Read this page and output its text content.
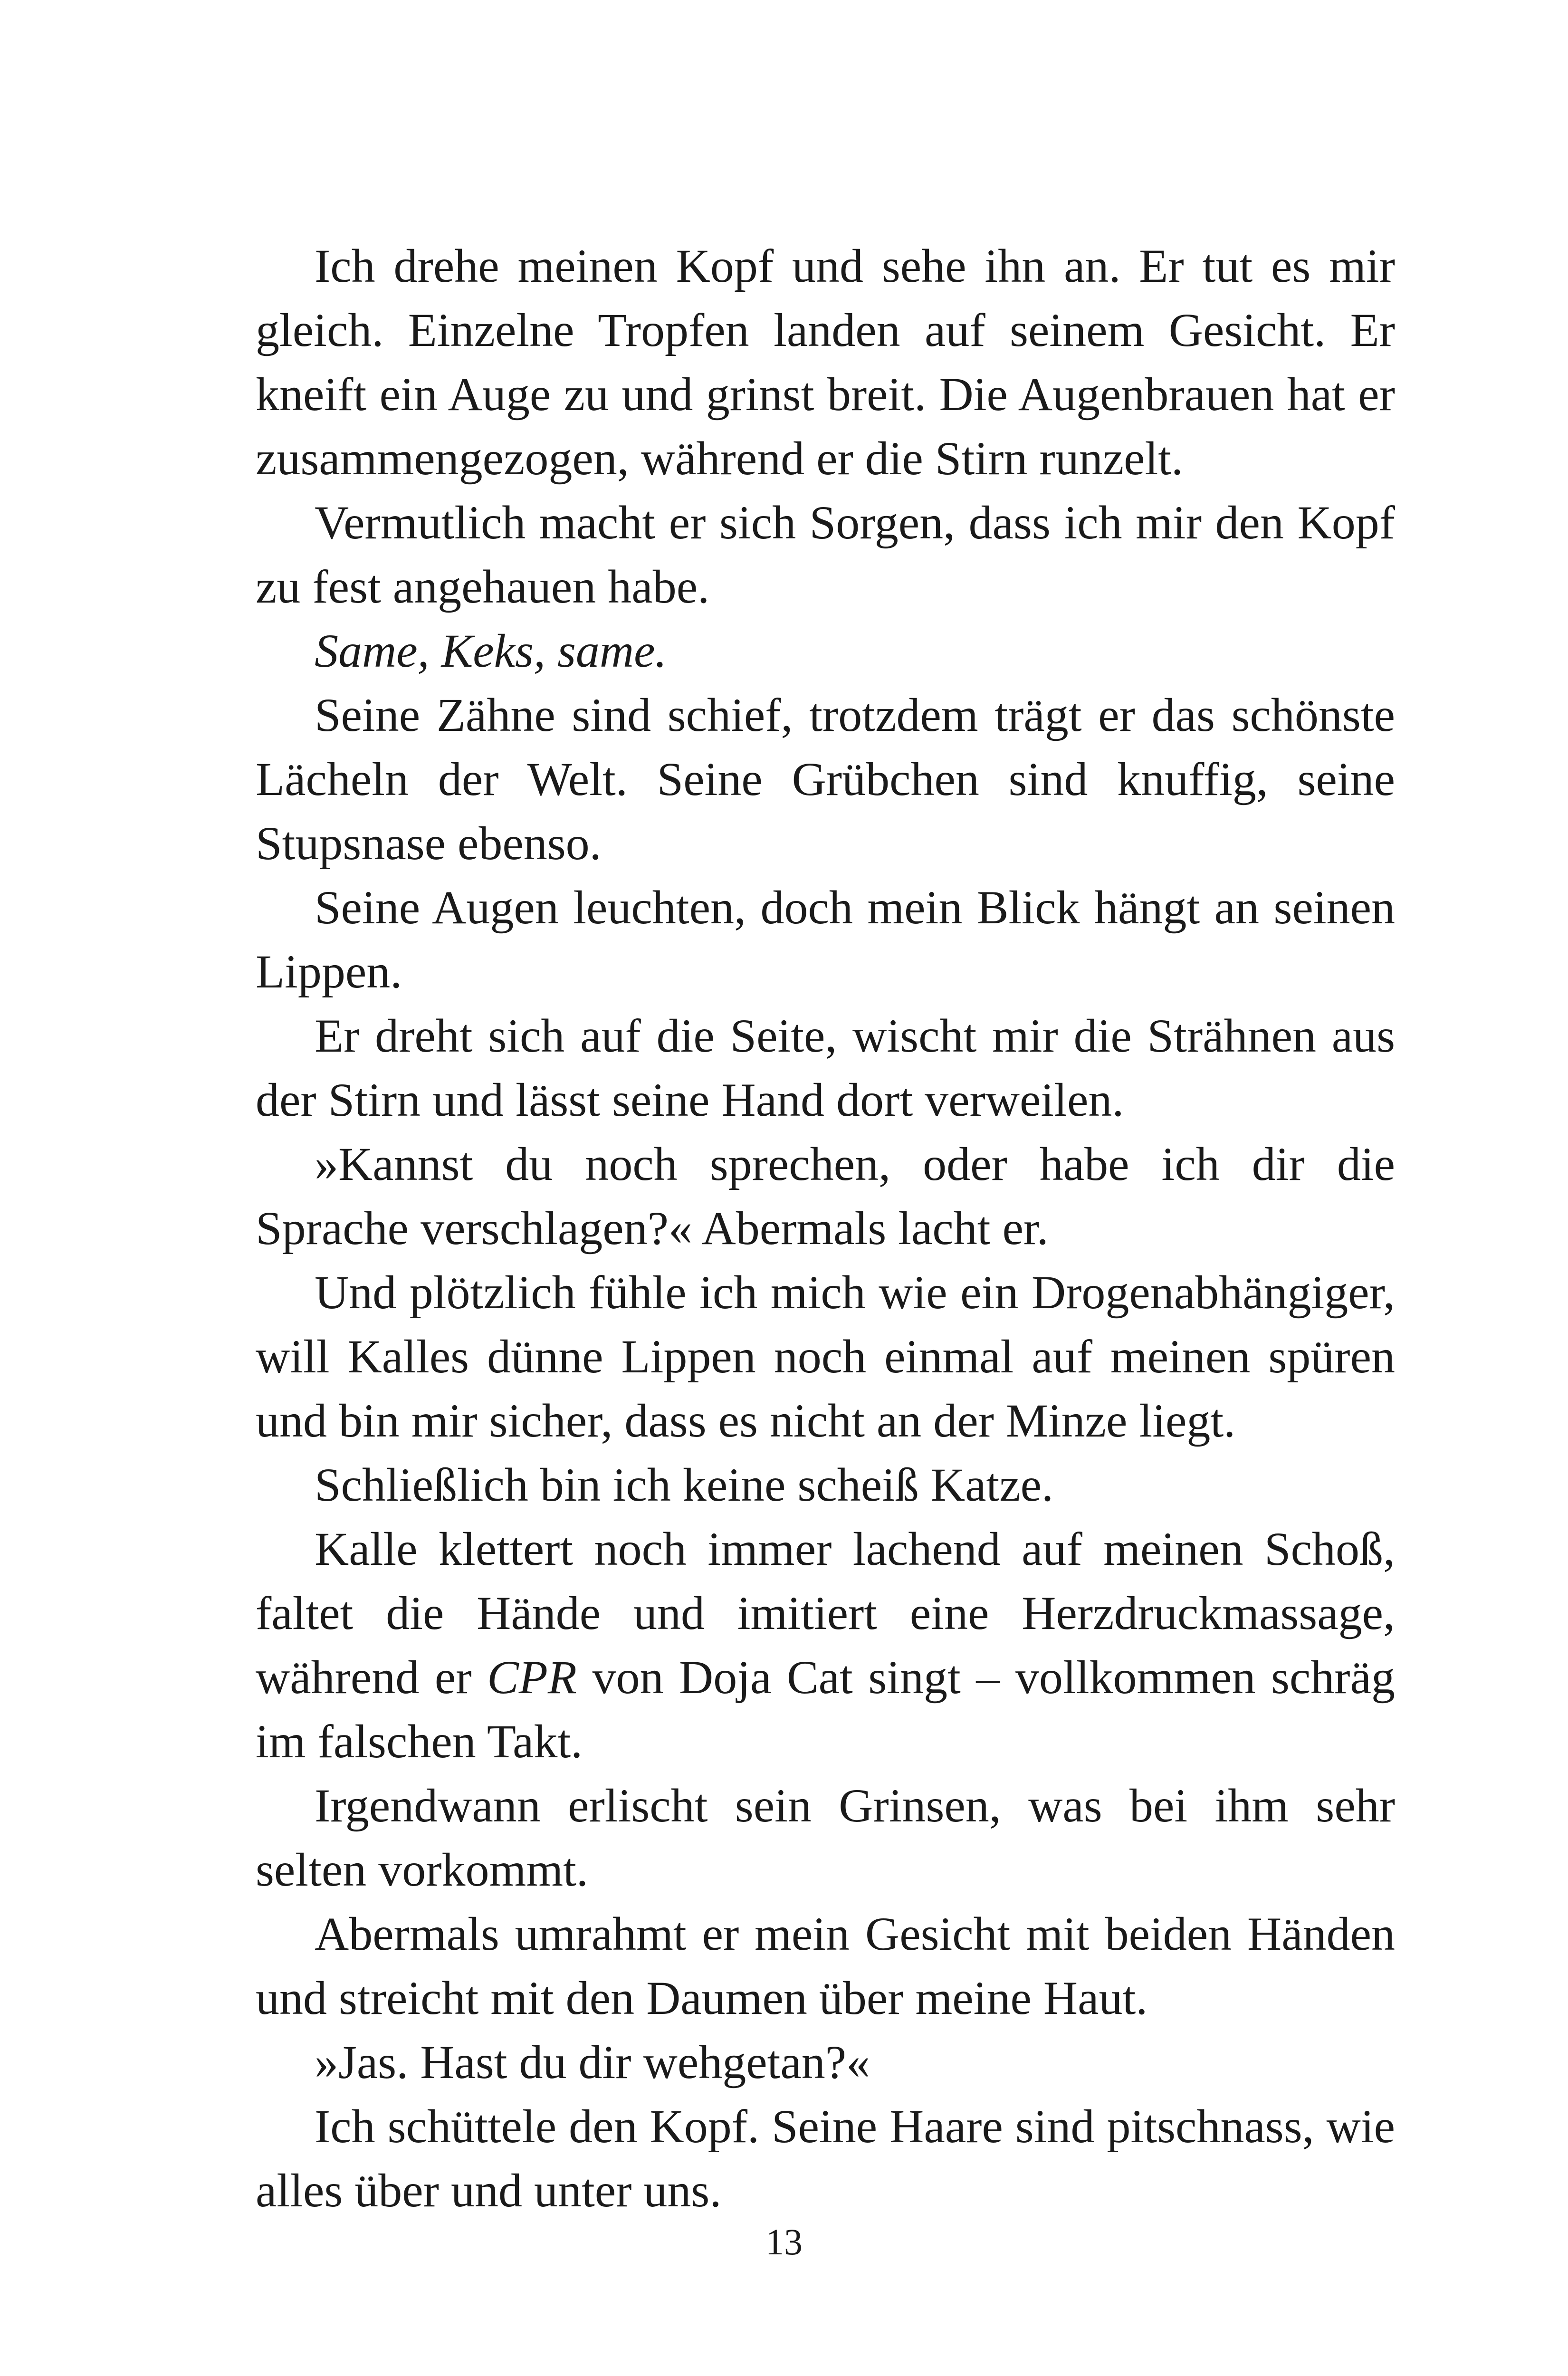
Ich drehe meinen Kopf und sehe ihn an. Er tut es mir gleich. Einzelne Tropfen landen auf seinem Gesicht. Er kneift ein Auge zu und grinst breit. Die Augenbrauen hat er zusammengezogen, während er die Stirn runzelt.

Vermutlich macht er sich Sorgen, dass ich mir den Kopf zu fest angehauen habe.

Same, Keks, same.

Seine Zähne sind schief, trotzdem trägt er das schönste Lächeln der Welt. Seine Grübchen sind knuffig, seine Stupsnase ebenso.

Seine Augen leuchten, doch mein Blick hängt an seinen Lippen.

Er dreht sich auf die Seite, wischt mir die Strähnen aus der Stirn und lässt seine Hand dort verweilen.

»Kannst du noch sprechen, oder habe ich dir die Sprache verschlagen?« Abermals lacht er.

Und plötzlich fühle ich mich wie ein Drogenabhängiger, will Kalles dünne Lippen noch einmal auf meinen spüren und bin mir sicher, dass es nicht an der Minze liegt.

Schließlich bin ich keine scheiß Katze.

Kalle klettert noch immer lachend auf meinen Schoß, faltet die Hände und imitiert eine Herzdruckmassage, während er CPR von Doja Cat singt – vollkommen schräg im falschen Takt.

Irgendwann erlischt sein Grinsen, was bei ihm sehr selten vorkommt.

Abermals umrahmt er mein Gesicht mit beiden Händen und streicht mit den Daumen über meine Haut.

»Jas. Hast du dir wehgetan?«

Ich schüttele den Kopf. Seine Haare sind pitschnass, wie alles über und unter uns.

13
